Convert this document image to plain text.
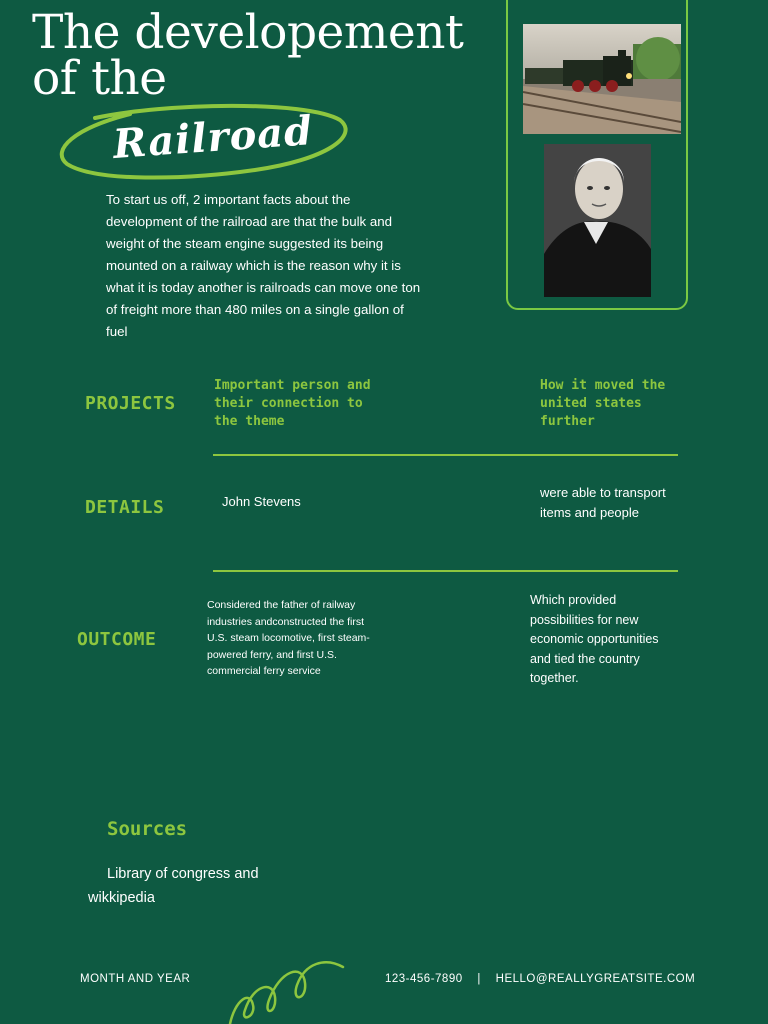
The developement
of the
Railroad

To start us off, 2 important facts about the development of the railroad are that the bulk and weight of the steam engine suggested its being mounted on a railway which is the reason why it is what it is today another is railroads can move one ton of freight more than 480 miles on a single gallon of fuel

PROJECTS
Important person and their connection to the theme
How it moved the united states further
DETAILS	John Stevens
were able to transport items and people
OUTCOME
Considered the father of railway industries andconstructed the first U.S. steam locomotive, first steam-powered ferry, and first U.S. commercial ferry service
Which provided possibilities for new economic opportunities and tied the country together.
Sources

Library of congress and wikkipedia

MONTH AND YEAR	123-456-7890    |    HELLO@REALLYGREATSITE.COM
